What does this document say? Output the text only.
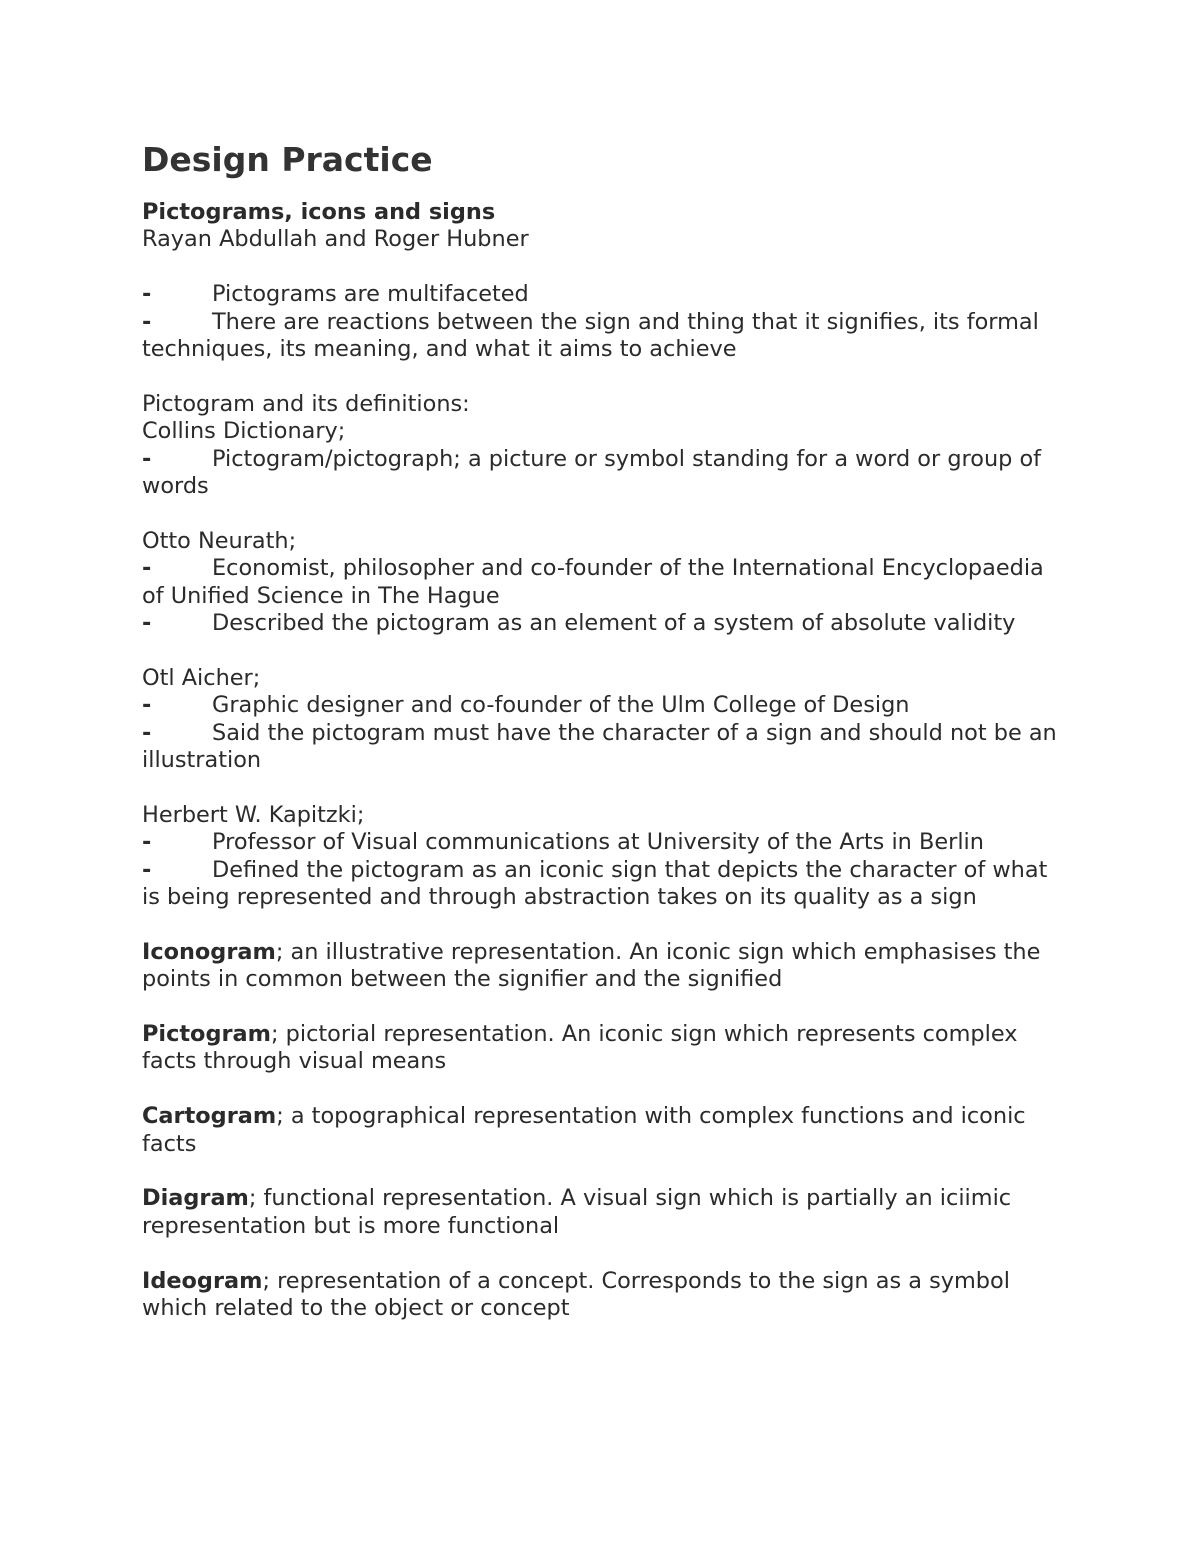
Design Practice
Pictograms, icons and signs
Rayan Abdullah and Roger Hubner
-	Pictograms are multifaceted
-	There are reactions between the sign and thing that it signifies, its formal techniques, its meaning, and what it aims to achieve
Pictogram and its definitions:
Collins Dictionary;
-	Pictogram/pictograph; a picture or symbol standing for a word or group of words
Otto Neurath;
-	Economist, philosopher and co-founder of the International Encyclopaedia of Unified Science in The Hague
-	Described the pictogram as an element of a system of absolute validity
Otl Aicher;
-	Graphic designer and co-founder of the Ulm College of Design
-	Said the pictogram must have the character of a sign and should not be an illustration
Herbert W. Kapitzki;
-	Professor of Visual communications at University of the Arts in Berlin
-	Defined the pictogram as an iconic sign that depicts the character of what is being represented and through abstraction takes on its quality as a sign
Iconogram; an illustrative representation. An iconic sign which emphasises the points in common between the signifier and the signified
Pictogram; pictorial representation. An iconic sign which represents complex facts through visual means
Cartogram; a topographical representation with complex functions and iconic facts
Diagram; functional representation. A visual sign which is partially an iciimic representation but is more functional
Ideogram; representation of a concept. Corresponds to the sign as a symbol which related to the object or concept
